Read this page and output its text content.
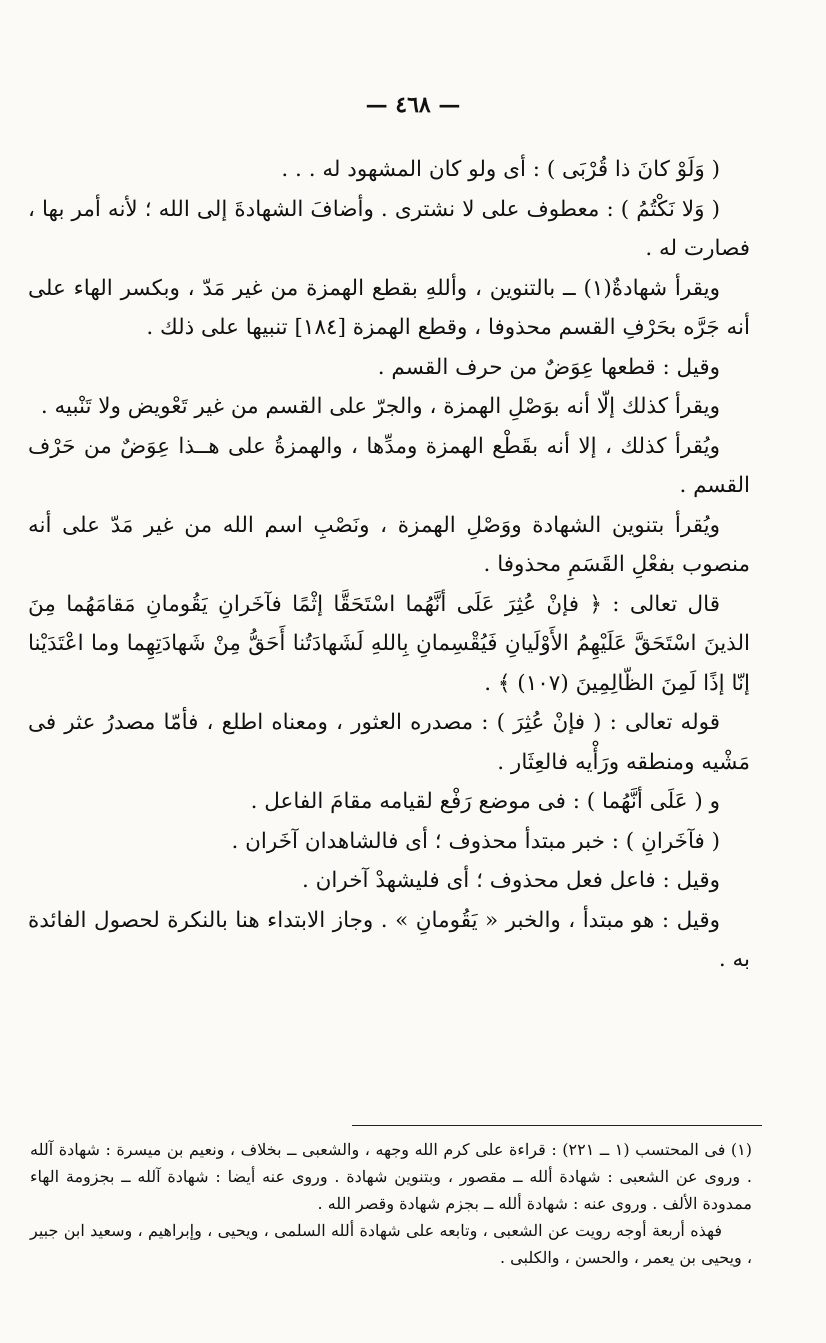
— ٤٦٨ —

( وَلَوْ كانَ ذا قُرْبَى ) : أى ولو كان المشهود له . . .

( وَلا نَكْتُمُ ) : معطوف على لا نشترى . وأضافَ الشهادةَ إلى الله ؛ لأنه أمر بها ، فصارت له .

ويقرأ شهادةٌ(١) ــ بالتنوين ، وأللهِ بقطع الهمزة من غير مَدّ ، وبكسر الهاء على أنه جَرَّه بحَرْفِ القسم محذوفا ، وقطع الهمزة [١٨٤] تنبيها على ذلك .

وقيل : قطعها عِوَضٌ من حرف القسم .

ويقرأ كذلك إلّا أنه بوَصْلِ الهمزة ، والجرّ على القسم من غير تَعْويض ولا تَنْبيه .

ويُقرأ كذلك ، إلا أنه بقَطْع الهمزة ومدِّها ، والهمزةُ على هــذا عِوَضٌ من حَرْف القسم .

ويُقرأ بتنوين الشهادة ووَصْلِ الهمزة ، ونَصْبِ اسم الله من غير مَدّ على أنه منصوب بفعْلِ القَسَمِ محذوفا .

قال تعالى : ﴿ فإنْ عُثِرَ عَلَى أنَّهُما اسْتَحَقَّا إثْمًا فآخَرانِ يَقُومانِ مَقامَهُما مِنَ الذينَ اسْتَحَقَّ عَلَيْهِمُ الأَوْلَيانِ فَيُقْسِمانِ بِاللهِ لَشَهادَتُنا أَحَقُّ مِنْ شَهادَتِهِما وما اعْتَدَيْنا إنّا إذًا لَمِنَ الظّالِمِينَ (١٠٧) ﴾ .

قوله تعالى : ( فإنْ عُثِرَ ) : مصدره العثور ، ومعناه اطلع ، فأمّا مصدرُ عثر فى مَشْيه ومنطقه ورَأْيه فالعِثَار .

و ( عَلَى أنَّهُما ) : فى موضع رَفْع لقيامه مقامَ الفاعل .

( فآخَرانِ ) : خبر مبتدأ محذوف ؛ أى فالشاهدان آخَران .

وقيل : فاعل فعل محذوف ؛ أى فليشهدْ آخران .

وقيل : هو مبتدأ ، والخبر « يَقُومانِ » . وجاز الابتداء هنا بالنكرة لحصول الفائدة به .

(١) فى المحتسب (١ ــ ٢٢١) : قراءة على كرم الله وجهه ، والشعبى ــ بخلاف ، ونعيم بن ميسرة : شهادة آلله . وروى عن الشعبى : شهادة ألله ــ مقصور ، وبتنوين شهادة . وروى عنه أيضا : شهادة آلله ــ بجزومة الهاء ممدودة الألف . وروى عنه : شهادة ألله ــ بجزم شهادة وقصر الله .

فهذه أربعة أوجه رويت عن الشعبى ، وتابعه على شهادة ألله السلمى ، ويحيى ، وإبراهيم ، وسعيد ابن جبير ، ويحيى بن يعمر ، والحسن ، والكلبى .
